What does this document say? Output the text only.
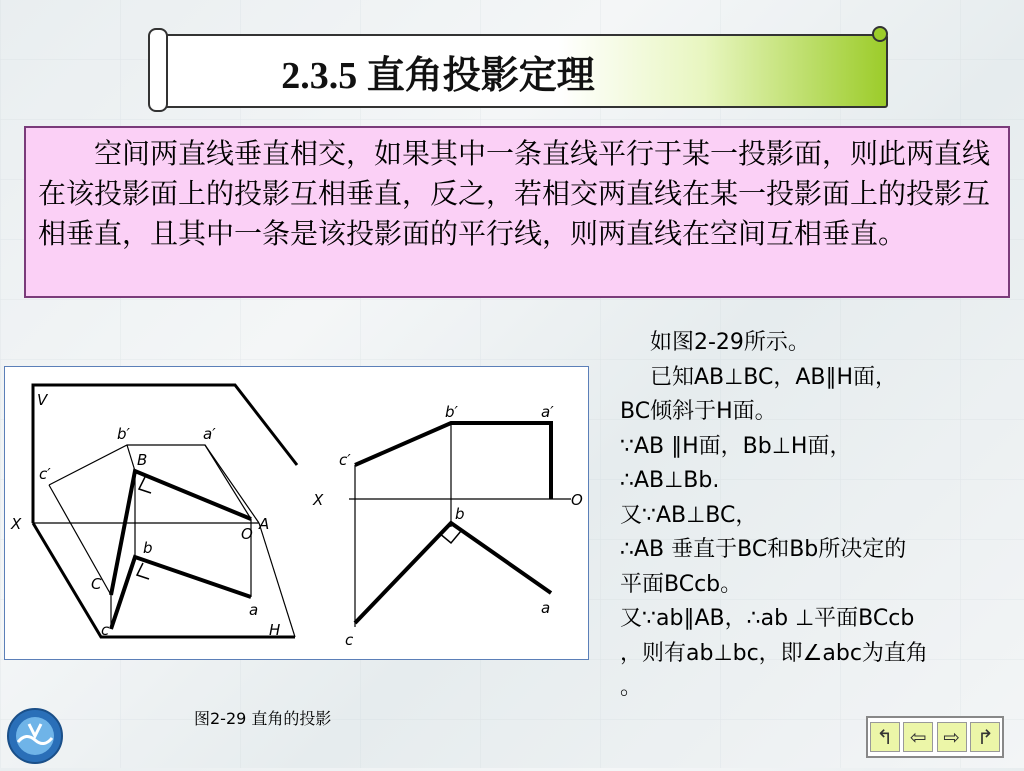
2.3.5 直角投影定理
空间两直线垂直相交，如果其中一条直线平行于某一投影面，则此两直线在该投影面上的投影互相垂直，反之，若相交两直线在某一投影面上的投影互相垂直，且其中一条是该投影面的平行线，则两直线在空间互相垂直。
V
X
b′	a′
c′
B
A
O
b
C
a
c	H
X	O
b′	a′
c′
b
a
c
图2-29 直角的投影
如图2-29所示。
已知AB⊥BC，AB∥H面，
BC倾斜于H面。
∵AB ∥H面，Bb⊥H面，
∴AB⊥Bb.
又∵AB⊥BC，
∴AB 垂直于BC和Bb所决定的
平面BCcb。
又∵ab∥AB，∴ab ⊥平面BCcb
，则有ab⊥bc，即∠abc为直角
。
↰ ⇦ ⇨ ↱
